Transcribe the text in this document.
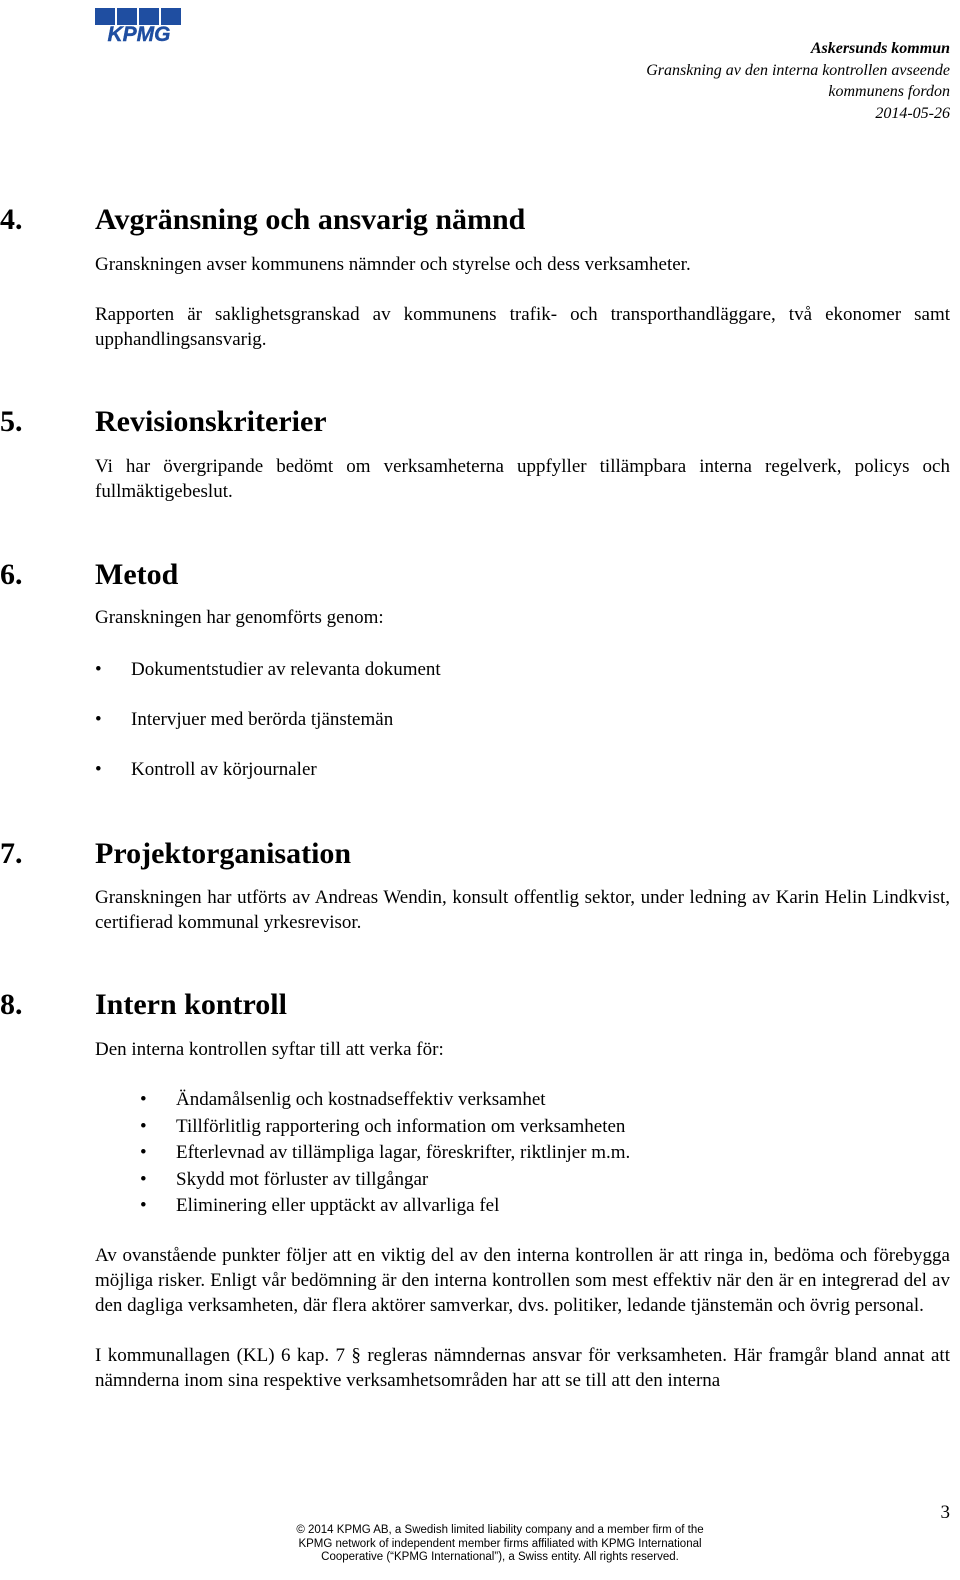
KPMG
Askersunds kommun
Granskning av den interna kontrollen avseende
kommunens fordon
2014-05-26
4. Avgränsning och ansvarig nämnd

Granskningen avser kommunens nämnder och styrelse och dess verksamheter.

Rapporten är saklighetsgranskad av kommunens trafik- och transporthandläggare, två ekonomer samt upphandlingsansvarig.

5. Revisionskriterier

Vi har övergripande bedömt om verksamheterna uppfyller tillämpbara interna regelverk, policys och fullmäktigebeslut.

6. Metod

Granskningen har genomförts genom:

• Dokumentstudier av relevanta dokument
• Intervjuer med berörda tjänstemän
• Kontroll av körjournaler
7. Projektorganisation

Granskningen har utförts av Andreas Wendin, konsult offentlig sektor, under ledning av Karin Helin Lindkvist, certifierad kommunal yrkesrevisor.

8. Intern kontroll

Den interna kontrollen syftar till att verka för:

• Ändamålsenlig och kostnadseffektiv verksamhet
• Tillförlitlig rapportering och information om verksamheten
• Efterlevnad av tillämpliga lagar, föreskrifter, riktlinjer m.m.
• Skydd mot förluster av tillgångar
• Eliminering eller upptäckt av allvarliga fel

Av ovanstående punkter följer att en viktig del av den interna kontrollen är att ringa in, bedöma och förebygga möjliga risker. Enligt vår bedömning är den interna kontrollen som mest effektiv när den är en integrerad del av den dagliga verksamheten, där flera aktörer samverkar, dvs. politiker, ledande tjänstemän och övrig personal.

I kommunallagen (KL) 6 kap. 7 § regleras nämndernas ansvar för verksamheten. Här framgår bland annat att nämnderna inom sina respektive verksamhetsområden har att se till att den interna

3
© 2014 KPMG AB, a Swedish limited liability company and a member firm of the
KPMG network of independent member firms affiliated with KPMG International
Cooperative (“KPMG International”), a Swiss entity. All rights reserved.
